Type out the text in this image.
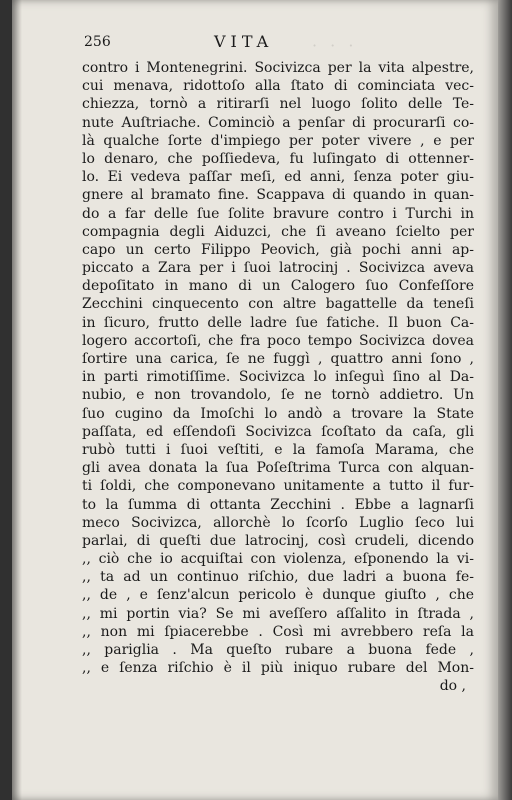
· · ·
256	VITA
contro i Montenegrini. Socivizca per la vita alpestre,
cui menava, ridottoſo alla ſtato di cominciata vec-
chiezza, tornò a ritirarſi nel luogo ſolito delle Te-
nute Auſtriache. Cominciò a penſar di procurarſi co-
là qualche ſorte d'impiego per poter vivere , e per
lo denaro, che poſſiedeva, fu luſingato di ottenner-
lo. Ei vedeva paſſar meſi, ed anni, ſenza poter giu-
gnere al bramato fine. Scappava di quando in quan-
do a far delle ſue ſolite bravure contro i Turchi in
compagnia degli Aiduzci, che ſi aveano ſcielto per
capo un certo Filippo Peovich, già pochi anni ap-
piccato a Zara per i ſuoi latrocinj . Socivizca aveva
depoſitato in mano di un Calogero ſuo Confeſſore
Zecchini cinquecento con altre bagattelle da teneſi
in ſicuro, frutto delle ladre ſue fatiche. Il buon Ca-
logero accortoſi, che fra poco tempo Socivizca dovea
ſortire una carica, ſe ne fuggì , quattro anni ſono ,
in parti rimotiſſime. Socivizca lo inſeguì ſino al Da-
nubio, e non trovandolo, ſe ne tornò addietro. Un
ſuo cugino da Imoſchi lo andò a trovare la State
paſſata, ed eſſendoſi Socivizca ſcoſtato da caſa, gli
rubò tutti i ſuoi veſtiti, e la famoſa Marama, che
gli avea donata la ſua Poſeſtrima Turca con alquan-
ti ſoldi, che componevano unitamente a tutto il fur-
to la ſumma di ottanta Zecchini . Ebbe a lagnarſi
meco Socivizca, allorchè lo ſcorſo Luglio ſeco lui
parlai, di queſti due latrocinj, così crudeli, dicendo
,, ciò che io acquiſtai con violenza, eſponendo la vi-
,, ta ad un continuo riſchio, due ladri a buona fe-
,, de , e ſenz'alcun pericolo è dunque giuſto , che
,, mi portin via? Se mi aveſſero aſſalito in ſtrada ,
,, non mi ſpiacerebbe . Così mi avrebbero reſa la
,, pariglia . Ma queſto rubare a buona fede ,
,, e ſenza riſchio è il più iniquo rubare del Mon-
do ,
